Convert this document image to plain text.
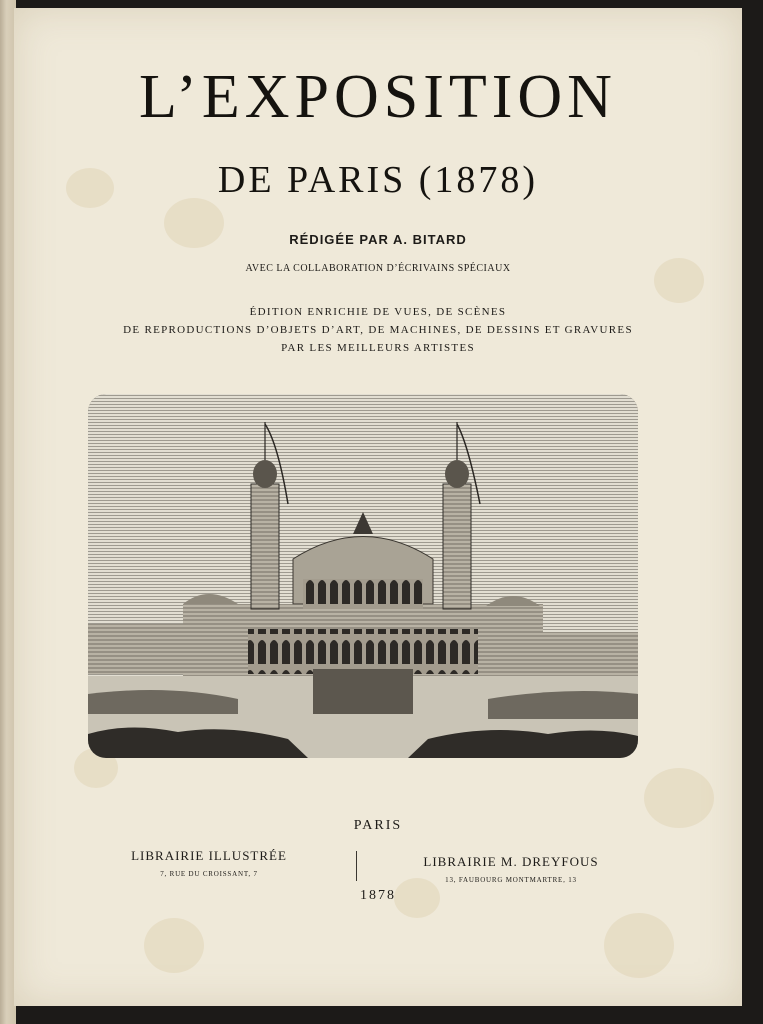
L’EXPOSITION
DE PARIS (1878)
RÉDIGÉE PAR A. BITARD
AVEC LA COLLABORATION D’ÉCRIVAINS SPÉCIAUX
ÉDITION ENRICHIE DE VUES, DE SCÈNES
DE REPRODUCTIONS D’OBJETS D’ART, DE MACHINES, DE DESSINS ET GRAVURES
PAR LES MEILLEURS ARTISTES
PARIS
LIBRAIRIE ILLUSTRÉE
7, RUE DU CROISSANT, 7
LIBRAIRIE M. DREYFOUS
13, FAUBOURG MONTMARTRE, 13
1878
